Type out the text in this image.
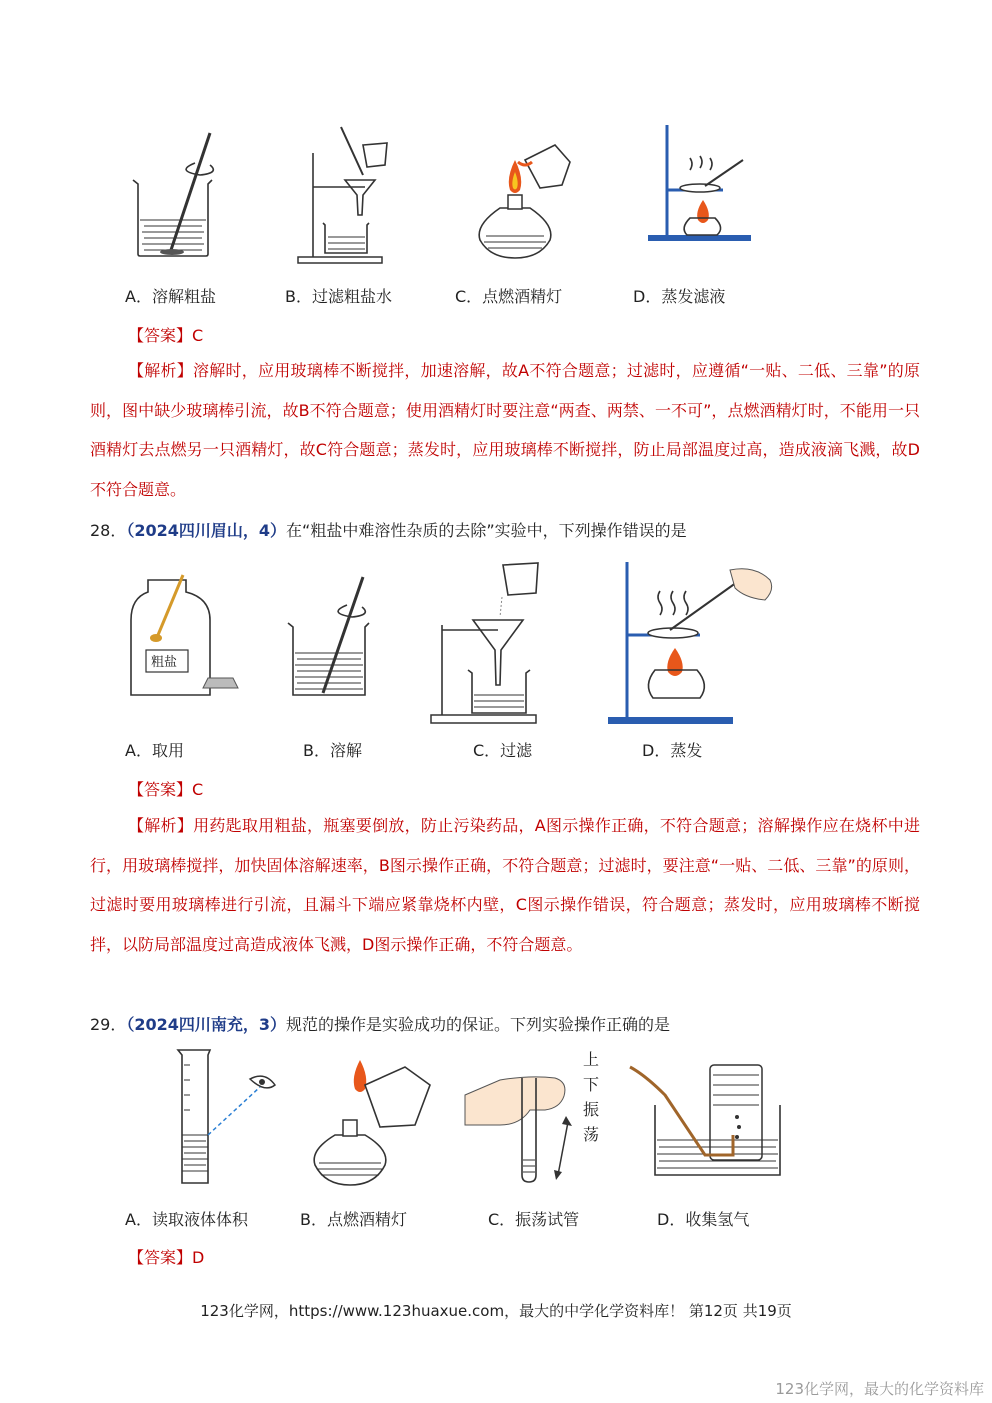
A．溶解粗盐	B．过滤粗盐水	C．点燃酒精灯	D．蒸发滤液
【答案】C
【解析】溶解时，应用玻璃棒不断搅拌，加速溶解，故A不符合题意；过滤时，应遵循“一贴、二低、三靠”的原则，图中缺少玻璃棒引流，故B不符合题意；使用酒精灯时要注意“两查、两禁、一不可”，点燃酒精灯时，不能用一只酒精灯去点燃另一只酒精灯，故C符合题意；蒸发时，应用玻璃棒不断搅拌，防止局部温度过高，造成液滴飞溅，故D不符合题意。
28．（2024四川眉山，4）在“粗盐中难溶性杂质的去除”实验中，下列操作错误的是
粗盐
A．取用	B．溶解	C．过滤	D．蒸发
【答案】C
【解析】用药匙取用粗盐，瓶塞要倒放，防止污染药品，A图示操作正确，不符合题意；溶解操作应在烧杯中进行，用玻璃棒搅拌，加快固体溶解速率，B图示操作正确，不符合题意；过滤时，要注意“一贴、二低、三靠”的原则，过滤时要用玻璃棒进行引流，且漏斗下端应紧靠烧杯内壁，C图示操作错误，符合题意；蒸发时，应用玻璃棒不断搅拌，以防局部温度过高造成液体飞溅，D图示操作正确，不符合题意。
29．（2024四川南充，3）规范的操作是实验成功的保证。下列实验操作正确的是
上
下
振
荡
A．读取液体体积	B．点燃酒精灯	C．振荡试管	D．收集氢气
【答案】D
123化学网，https://www.123huaxue.com，最大的中学化学资料库！ 第12页 共19页
123化学网，最大的化学资料库
